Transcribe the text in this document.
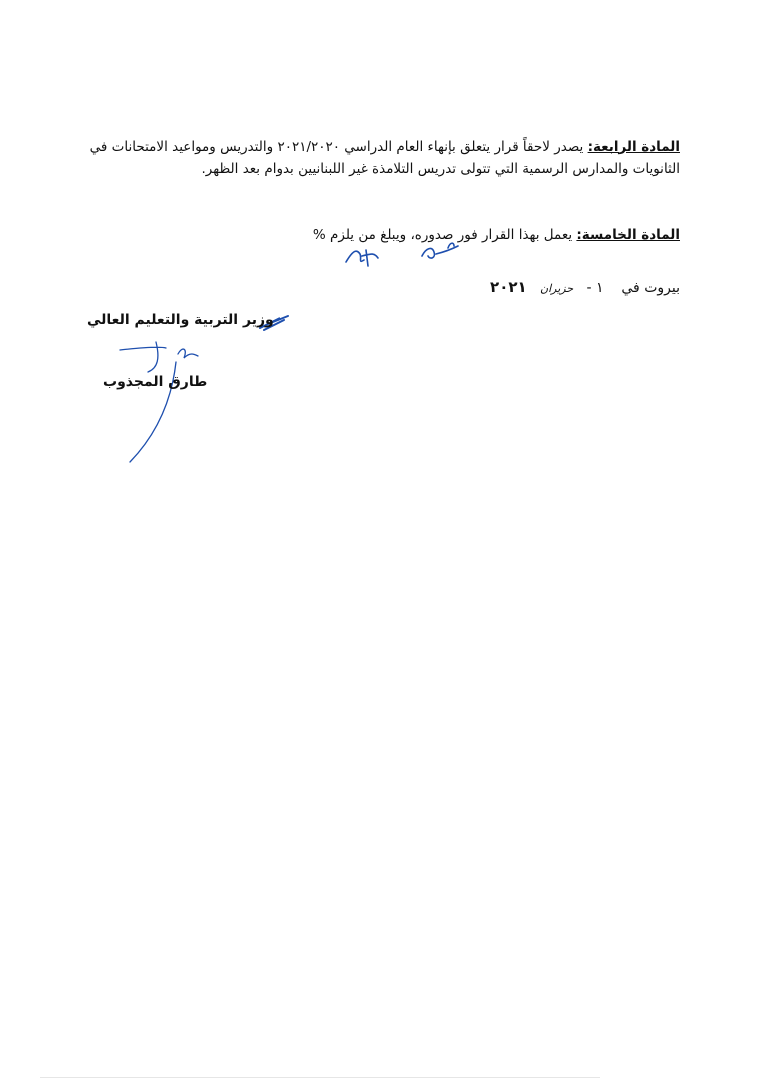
المادة الرابعة: يصدر لاحقاً قرار يتعلق بإنهاء العام الدراسي ٢٠٢١/٢٠٢٠ والتدريس ومواعيد الامتحانات في الثانويات والمدارس الرسمية التي تتولى تدريس التلامذة غير اللبنانيين بدوام بعد الظهر.

المادة الخامسة: يعمل بهذا القرار فور صدوره، ويبلغ من يلزم %

بيروت في    ١ -   حزيران   ٢٠٢١
وزير التربية والتعليم العالي
طارق المجذوب
